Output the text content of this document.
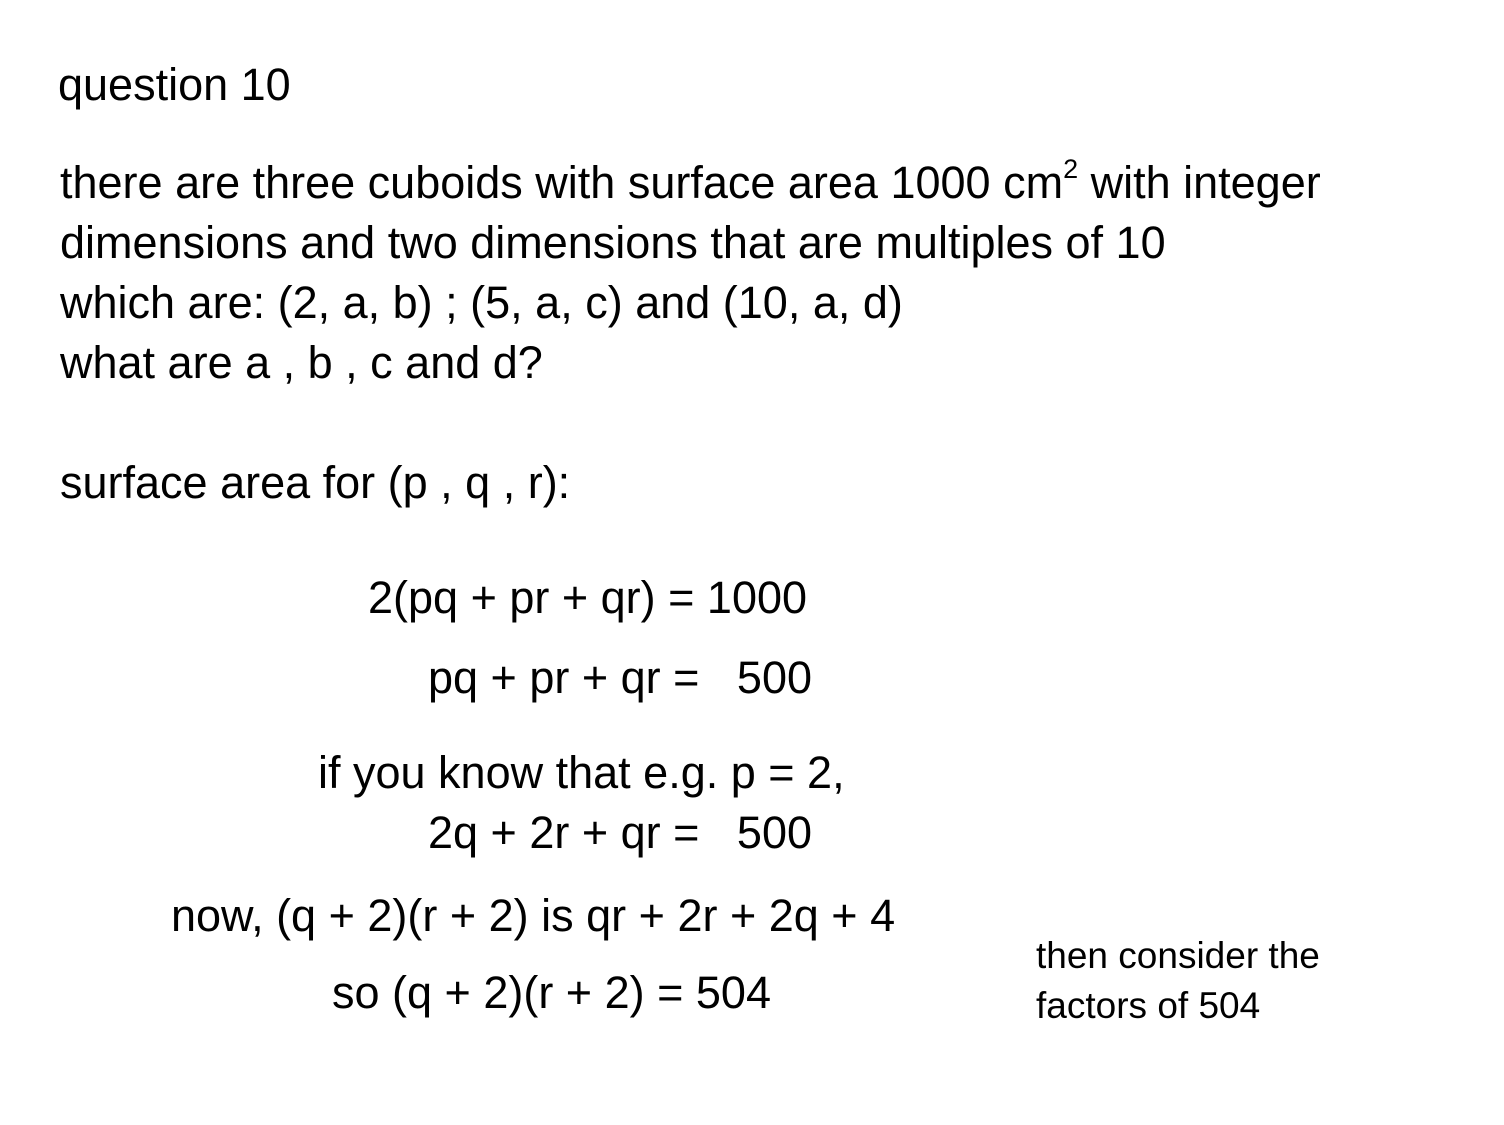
question 10
there are three cuboids with surface area 1000 $cm^2$ with integer
dimensions and two dimensions that are multiples of 10
which are: (2, a, b) ; (5, a, c) and (10, a, d)
what are a , b , c and d?
surface area for (p , q , r):
2(pq + pr + qr) = 1000
pq + pr + qr =   500
if you know that e.g. p = 2,
2q + 2r + qr =   500
now, (q + 2)(r + 2) is qr + 2r + 2q + 4
so (q + 2)(r + 2) = 504
then consider the
factors of 504
